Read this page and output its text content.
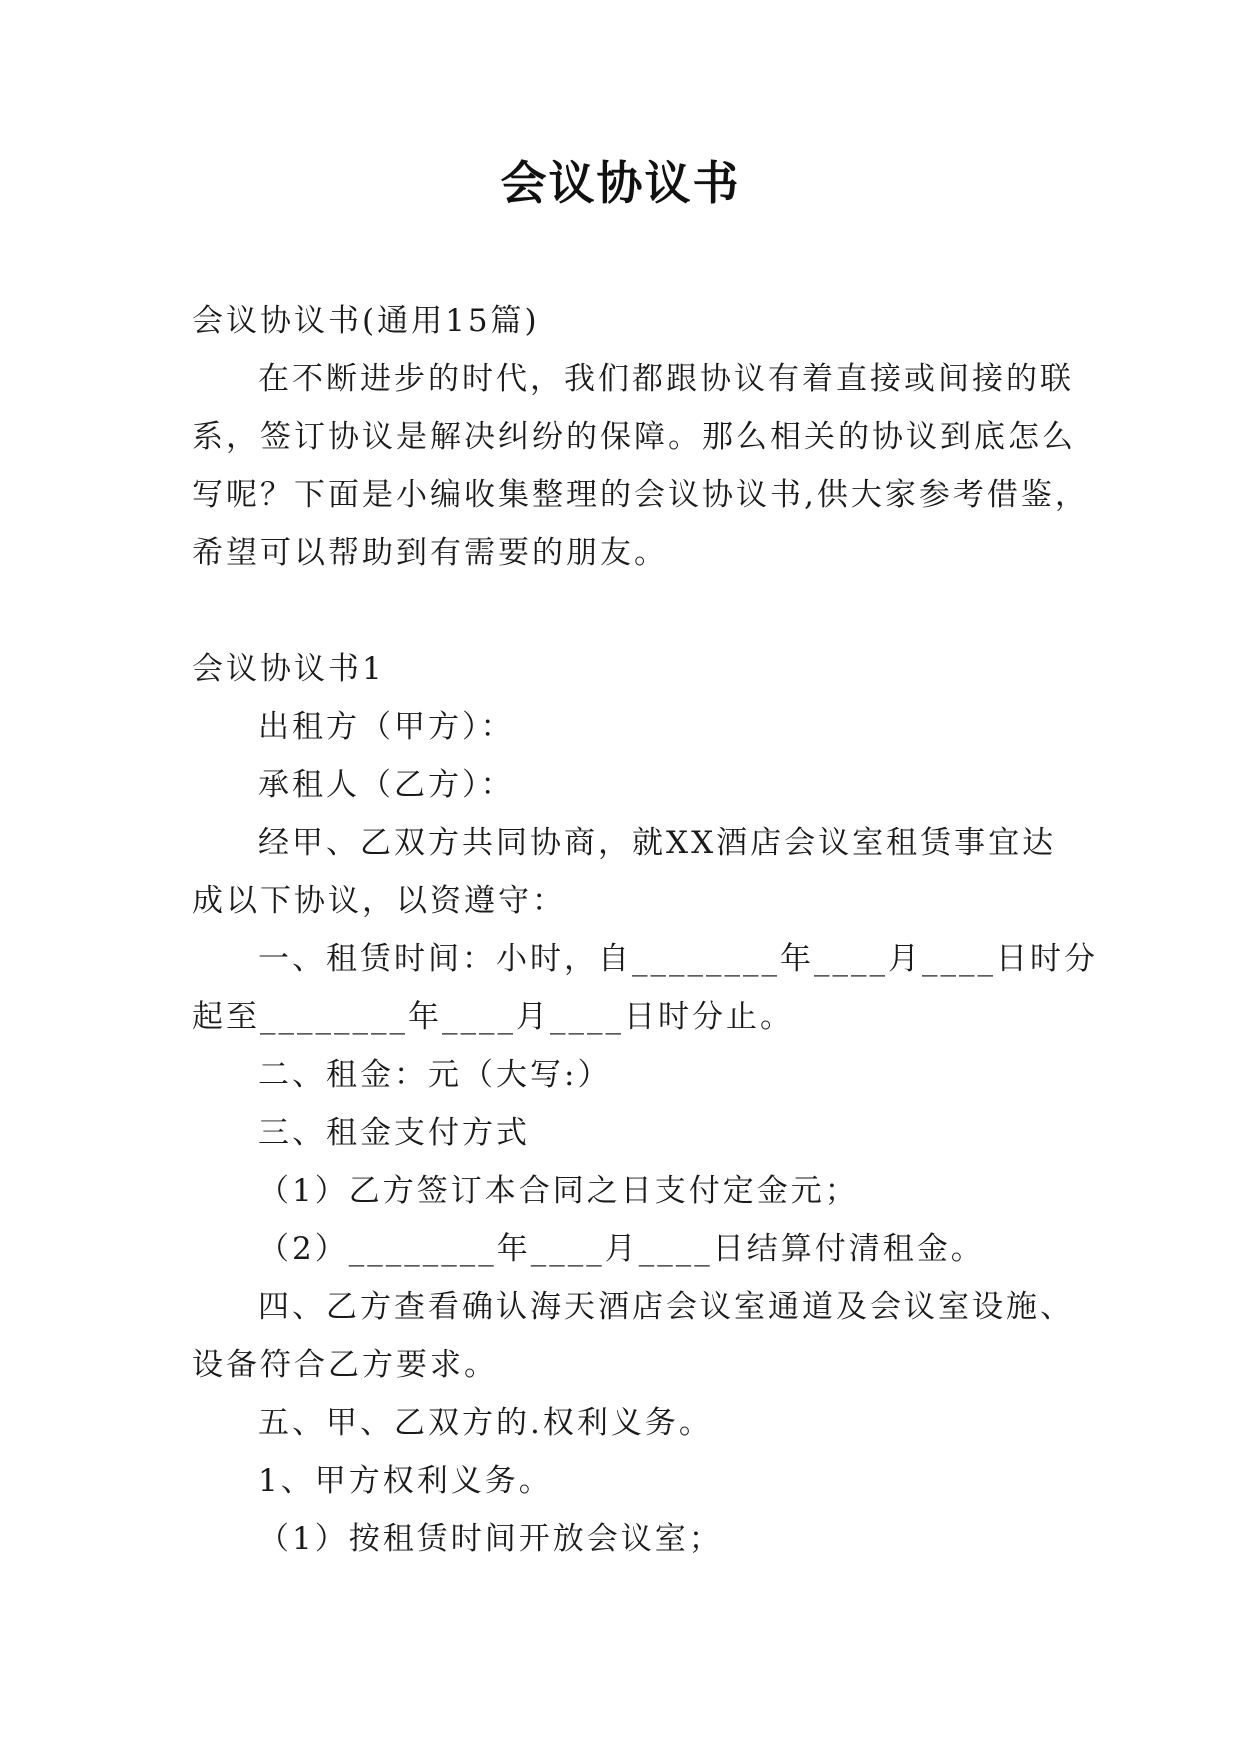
会议协议书

会议协议书(通用15篇)

在不断进步的时代，我们都跟协议有着直接或间接的联

系，签订协议是解决纠纷的保障。那么相关的协议到底怎么

写呢？下面是小编收集整理的会议协议书,供大家参考借鉴，

希望可以帮助到有需要的朋友。

会议协议书1

出租方（甲方）：

承租人（乙方）：

经甲、乙双方共同协商，就XX酒店会议室租赁事宜达

成以下协议，以资遵守：

一、租赁时间：小时，自________年____月____日时分

起至________年____月____日时分止。

二、租金：元（大写:）

三、租金支付方式

（1）乙方签订本合同之日支付定金元；

（2）________年____月____日结算付清租金。

四、乙方查看确认海天酒店会议室通道及会议室设施、

设备符合乙方要求。

五、甲、乙双方的.权利义务。

1、甲方权利义务。

（1）按租赁时间开放会议室；
